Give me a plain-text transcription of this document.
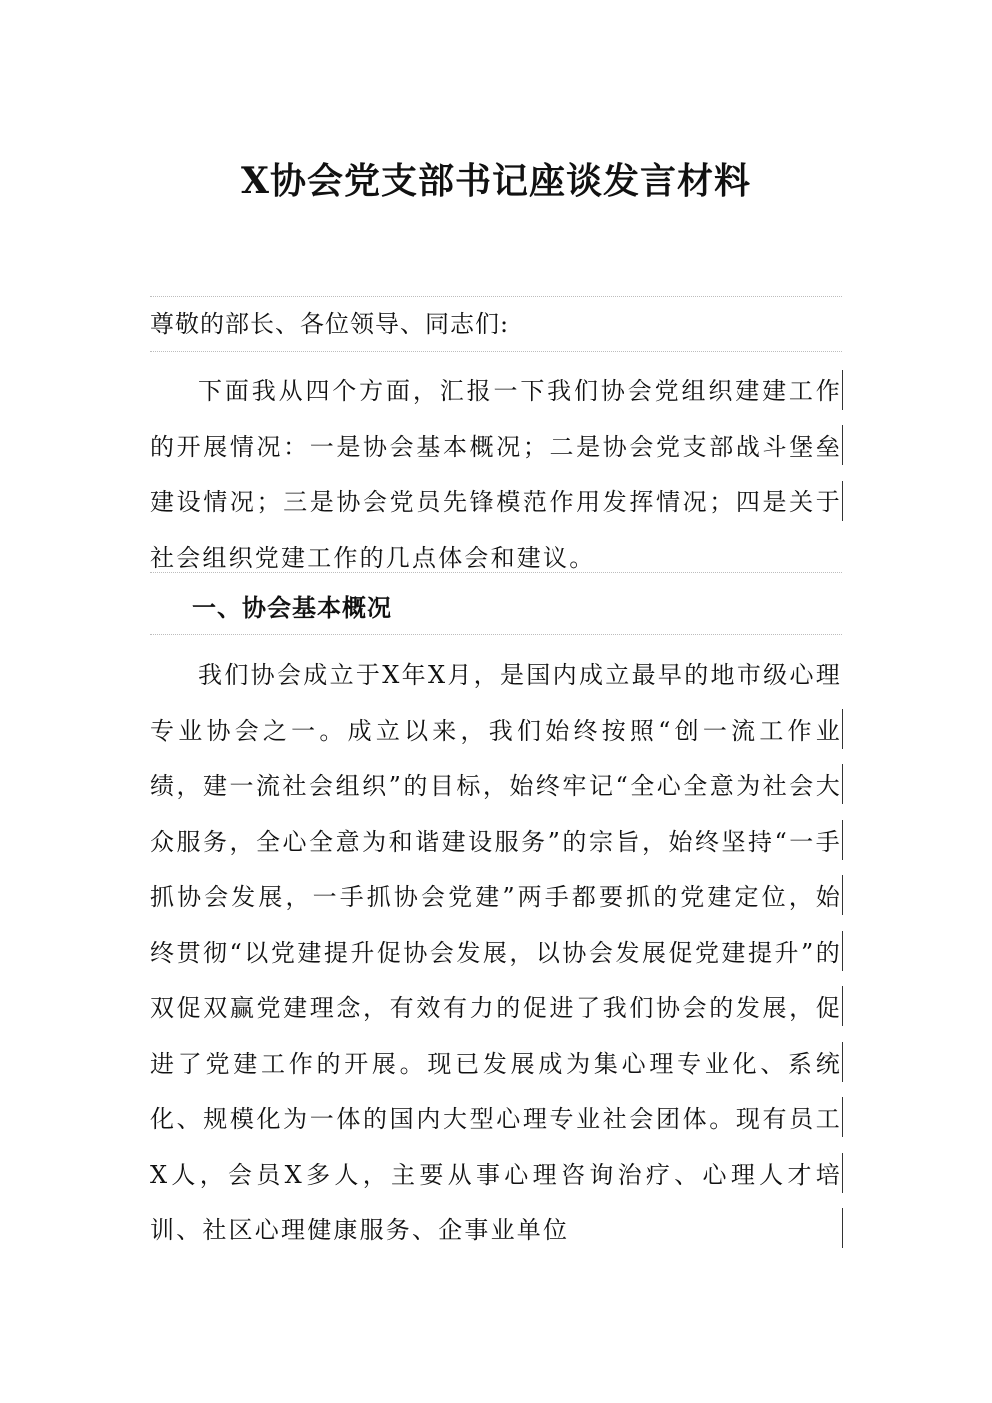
X协会党支部书记座谈发言材料
尊敬的部长、各位领导、同志们:

下面我从四个方面，汇报一下我们协会党组织建建工作的开展情况：一是协会基本概况；二是协会党支部战斗堡垒建设情况；三是协会党员先锋模范作用发挥情况；四是关于社会组织党建工作的几点体会和建议。

一、协会基本概况

我们协会成立于X年X月，是国内成立最早的地市级心理专业协会之一。成立以来，我们始终按照“创一流工作业绩，建一流社会组织”的目标，始终牢记“全心全意为社会大众服务，全心全意为和谐建设服务”的宗旨，始终坚持“一手抓协会发展，一手抓协会党建”两手都要抓的党建定位，始终贯彻“以党建提升促协会发展，以协会发展促党建提升”的双促双赢党建理念，有效有力的促进了我们协会的发展，促进了党建工作的开展。现已发展成为集心理专业化、系统化、规模化为一体的国内大型心理专业社会团体。现有员工X人，会员X多人，主要从事心理咨询治疗、心理人才培训、社区心理健康服务、企事业单位
